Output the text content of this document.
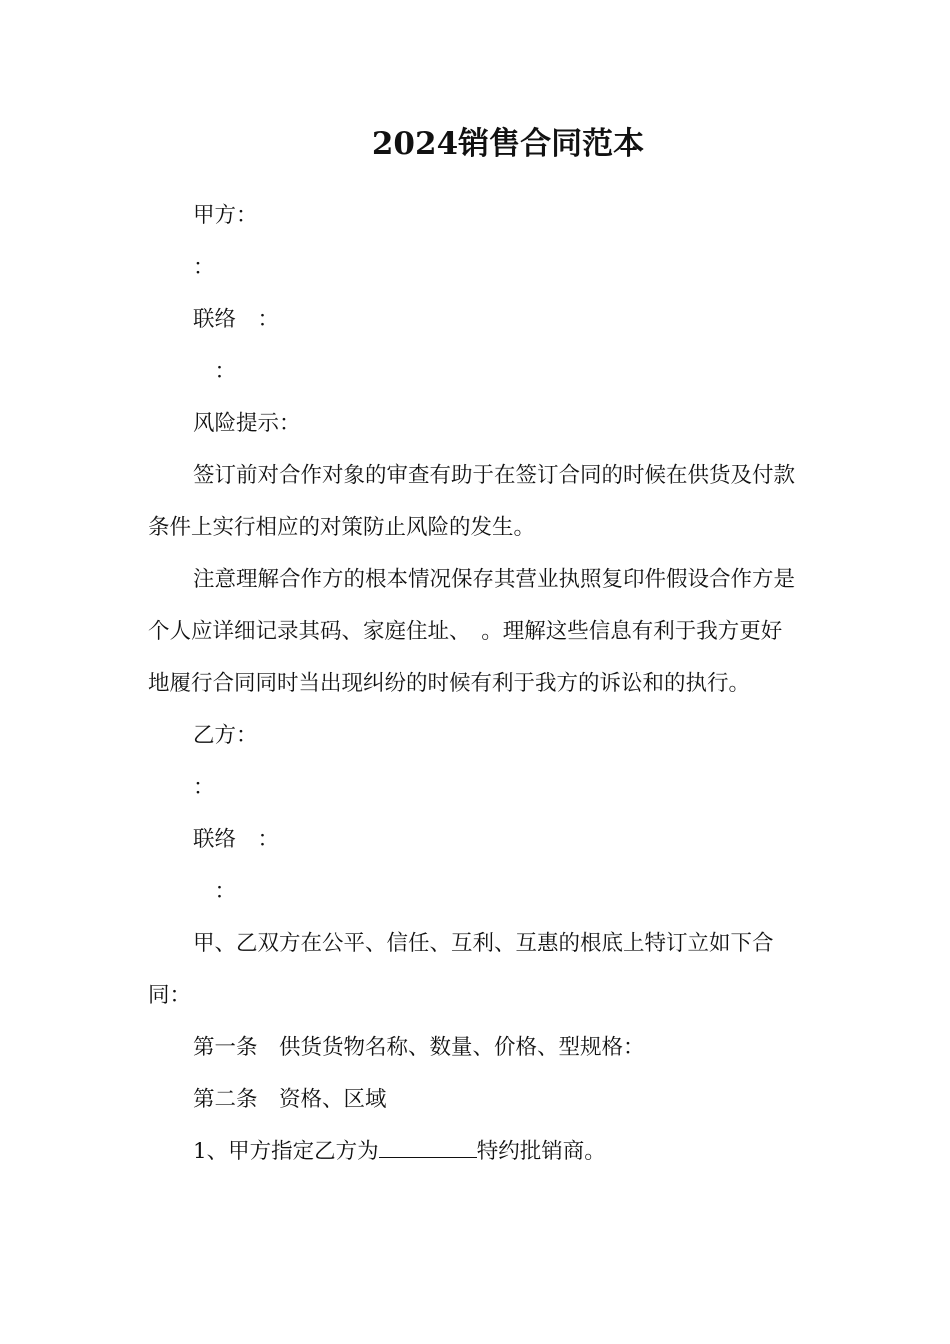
2024销售合同范本

甲方：

：

联络　：

　：

风险提示：

签订前对合作对象的审查有助于在签订合同的时候在供货及付款条件上实行相应的对策防止风险的发生。

注意理解合作方的根本情况保存其营业执照复印件假设合作方是个人应详细记录其码、家庭住址、　。理解这些信息有利于我方更好地履行合同同时当出现纠纷的时候有利于我方的诉讼和的执行。

乙方：

：

联络　：

　：

甲、乙双方在公平、信任、互利、互惠的根底上特订立如下合同：

第一条　供货货物名称、数量、价格、型规格：

第二条　资格、区域

1、甲方指定乙方为	特约批销商。
